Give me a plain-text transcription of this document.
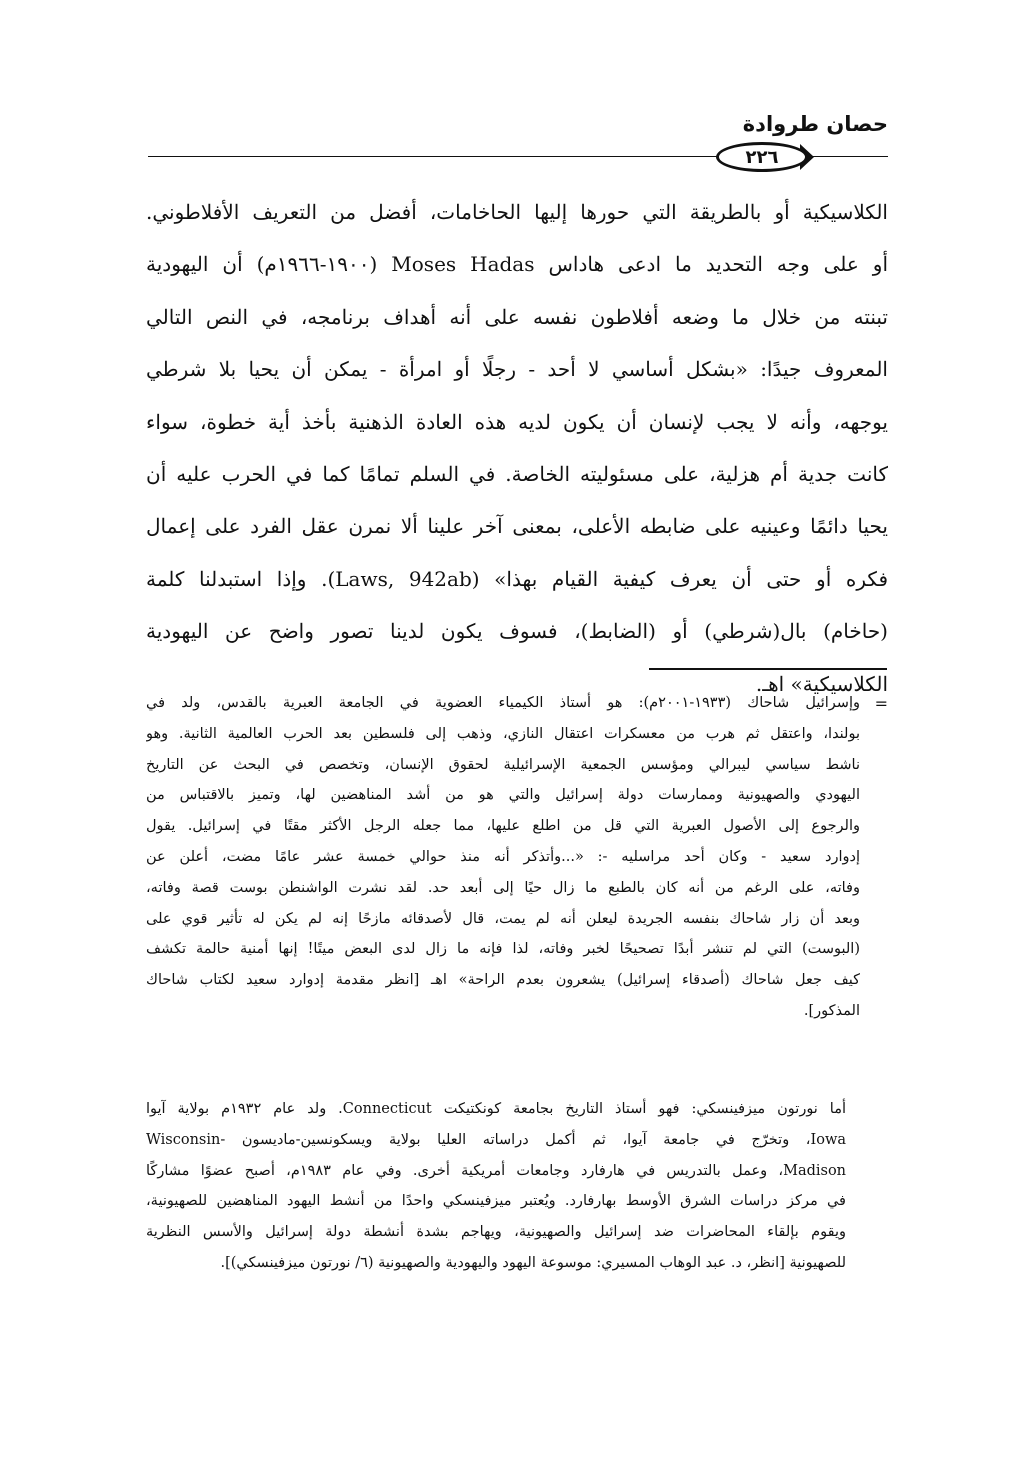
حصان طروادة
٢٢٦
الكلاسيكية أو بالطريقة التي حورها إليها الحاخامات، أفضل من التعريف الأفلاطوني.
أو على وجه التحديد ما ادعى هاداس Moses Hadas (١٩٠٠-١٩٦٦م) أن اليهودية
تبنته من خلال ما وضعه أفلاطون نفسه على أنه أهداف برنامجه، في النص التالي
المعروف جيدًا: «بشكل أساسي لا أحد - رجلًا أو امرأة - يمكن أن يحيا بلا شرطي
يوجهه، وأنه لا يجب لإنسان أن يكون لديه هذه العادة الذهنية بأخذ أية خطوة، سواء
كانت جدية أم هزلية، على مسئوليته الخاصة. في السلم تمامًا كما في الحرب عليه أن
يحيا دائمًا وعينيه على ضابطه الأعلى، بمعنى آخر علينا ألا نمرن عقل الفرد على إعمال
فكره أو حتى أن يعرف كيفية القيام بهذا» (Laws, 942ab). وإذا استبدلنا كلمة
(حاخام) بال(شرطي) أو (الضابط)، فسوف يكون لدينا تصور واضح عن اليهودية
الكلاسيكية» اهـ.
=
وإسرائيل شاحاك (١٩٣٣-٢٠٠١م): هو أستاذ الكيمياء العضوية في الجامعة العبرية بالقدس، ولد في
بولندا، واعتقل ثم هرب من معسكرات اعتقال النازي، وذهب إلى فلسطين بعد الحرب العالمية الثانية. وهو
ناشط سياسي ليبرالي ومؤسس الجمعية الإسرائيلية لحقوق الإنسان، وتخصص في البحث عن التاريخ
اليهودي والصهيونية وممارسات دولة إسرائيل والتي هو من أشد المناهضين لها، وتميز بالاقتباس من
والرجوع إلى الأصول العبرية التي قل من اطلع عليها، مما جعله الرجل الأكثر مقتًا في إسرائيل. يقول
إدوارد سعيد - وكان أحد مراسليه -: «...وأتذكر أنه منذ حوالي خمسة عشر عامًا مضت، أعلن عن
وفاته، على الرغم من أنه كان بالطبع ما زال حيًا إلى أبعد حد. لقد نشرت الواشنطن بوست قصة وفاته،
وبعد أن زار شاحاك بنفسه الجريدة ليعلن أنه لم يمت، قال لأصدقائه مازحًا إنه لم يكن له تأثير قوي على
(البوست) التي لم تنشر أبدًا تصحيحًا لخبر وفاته، لذا فإنه ما زال لدى البعض ميتًا! إنها أمنية حالمة تكشف
كيف جعل شاحاك (أصدقاء إسرائيل) يشعرون بعدم الراحة» اهـ [انظر مقدمة إدوارد سعيد لكتاب شاحاك
المذكور].
أما نورتون ميزفينسكي: فهو أستاذ التاريخ بجامعة كونكتيكت Connecticut. ولد عام ١٩٣٢م بولاية آيوا
Iowa، وتخرّج في جامعة آيوا، ثم أكمل دراساته العليا بولاية ويسكونسين-ماديسون -Wisconsin
Madison، وعمل بالتدريس في هارفارد وجامعات أمريكية أخرى. وفي عام ١٩٨٣م، أصبح عضوًا مشاركًا
في مركز دراسات الشرق الأوسط بهارفارد. ويُعتبر ميزفينسكي واحدًا من أنشط اليهود المناهضين للصهيونية،
ويقوم بإلقاء المحاضرات ضد إسرائيل والصهيونية، ويهاجم بشدة أنشطة دولة إسرائيل والأسس النظرية
للصهيونية [انظر، د. عبد الوهاب المسيري: موسوعة اليهود واليهودية والصهيونية (٦/ نورتون ميزفينسكي)].
